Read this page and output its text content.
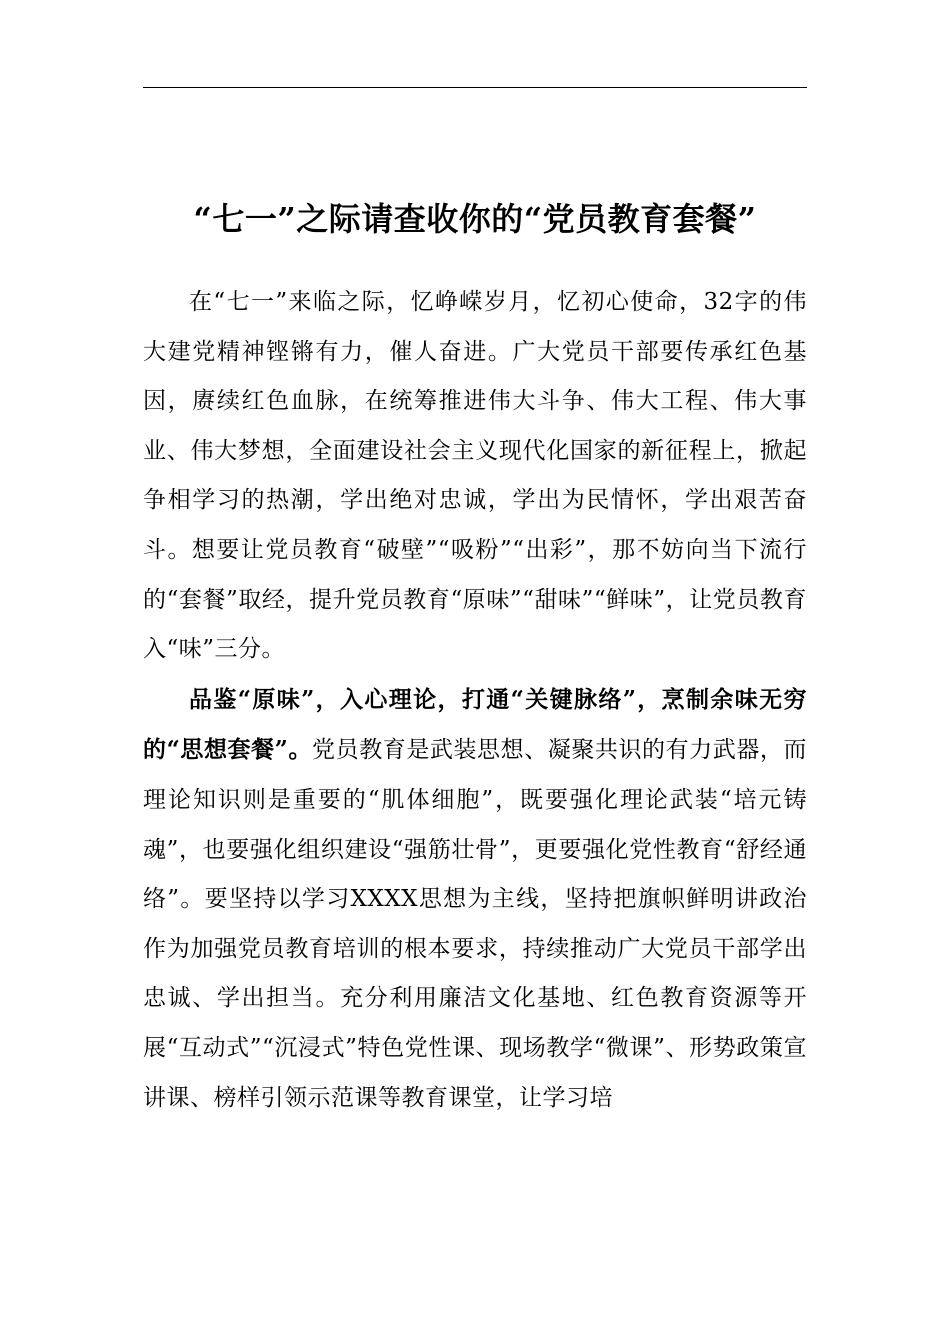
“七一”之际请查收你的“党员教育套餐”

在“七一”来临之际，忆峥嵘岁月，忆初心使命，32字的伟大建党精神铿锵有力，催人奋进。广大党员干部要传承红色基因，赓续红色血脉，在统筹推进伟大斗争、伟大工程、伟大事业、伟大梦想，全面建设社会主义现代化国家的新征程上，掀起争相学习的热潮，学出绝对忠诚，学出为民情怀，学出艰苦奋斗。想要让党员教育“破壁”“吸粉”“出彩”，那不妨向当下流行的“套餐”取经，提升党员教育“原味”“甜味”“鲜味”，让党员教育入“味”三分。

品鉴“原味”，入心理论，打通“关键脉络”，烹制余味无穷的“思想套餐”。党员教育是武装思想、凝聚共识的有力武器，而理论知识则是重要的“肌体细胞”，既要强化理论武装“培元铸魂”，也要强化组织建设“强筋壮骨”，更要强化党性教育“舒经通络”。要坚持以学习XXXX思想为主线，坚持把旗帜鲜明讲政治作为加强党员教育培训的根本要求，持续推动广大党员干部学出忠诚、学出担当。充分利用廉洁文化基地、红色教育资源等开展“互动式”“沉浸式”特色党性课、现场教学“微课”、形势政策宣讲课、榜样引领示范课等教育课堂，让学习培
